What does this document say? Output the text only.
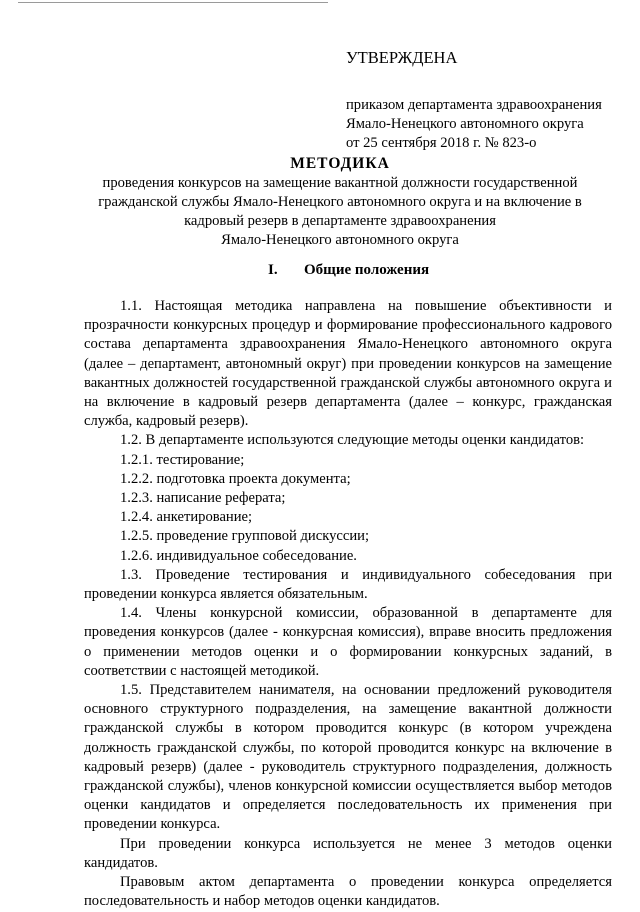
УТВЕРЖДЕНА
приказом департамента здравоохранения
Ямало-Ненецкого автономного округа
от 25 сентября 2018 г. № 823-о
МЕТОДИКА
проведения конкурсов на замещение вакантной должности государственной
гражданской службы Ямало-Ненецкого автономного округа и на включение в
кадровый резерв в департаменте здравоохранения
Ямало-Ненецкого автономного округа
I. Общие положения

1.1. Настоящая методика направлена на повышение объективности и прозрачности конкурсных процедур и формирование профессионального кадрового состава департамента здравоохранения Ямало-Ненецкого автономного округа (далее – департамент, автономный округ) при проведении конкурсов на замещение вакантных должностей государственной гражданской службы автономного округа и на включение в кадровый резерв департамента (далее – конкурс, гражданская служба, кадровый резерв).

1.2. В департаменте используются следующие методы оценки кандидатов:

1.2.1. тестирование;

1.2.2. подготовка проекта документа;

1.2.3. написание реферата;

1.2.4. анкетирование;

1.2.5. проведение групповой дискуссии;

1.2.6. индивидуальное собеседование.

1.3. Проведение тестирования и индивидуального собеседования при проведении конкурса является обязательным.

1.4. Члены конкурсной комиссии, образованной в департаменте для проведения конкурсов (далее - конкурсная комиссия), вправе вносить предложения о применении методов оценки и о формировании конкурсных заданий, в соответствии с настоящей методикой.

1.5. Представителем нанимателя, на основании предложений руководителя основного структурного подразделения, на замещение вакантной должности гражданской службы в котором проводится конкурс (в котором учреждена должность гражданской службы, по которой проводится конкурс на включение в кадровый резерв) (далее - руководитель структурного подразделения, должность гражданской службы), членов конкурсной комиссии осуществляется выбор методов оценки кандидатов и определяется последовательность их применения при проведении конкурса.

При проведении конкурса используется не менее 3 методов оценки кандидатов.

Правовым актом департамента о проведении конкурса определяется последовательность и набор методов оценки кандидатов.
